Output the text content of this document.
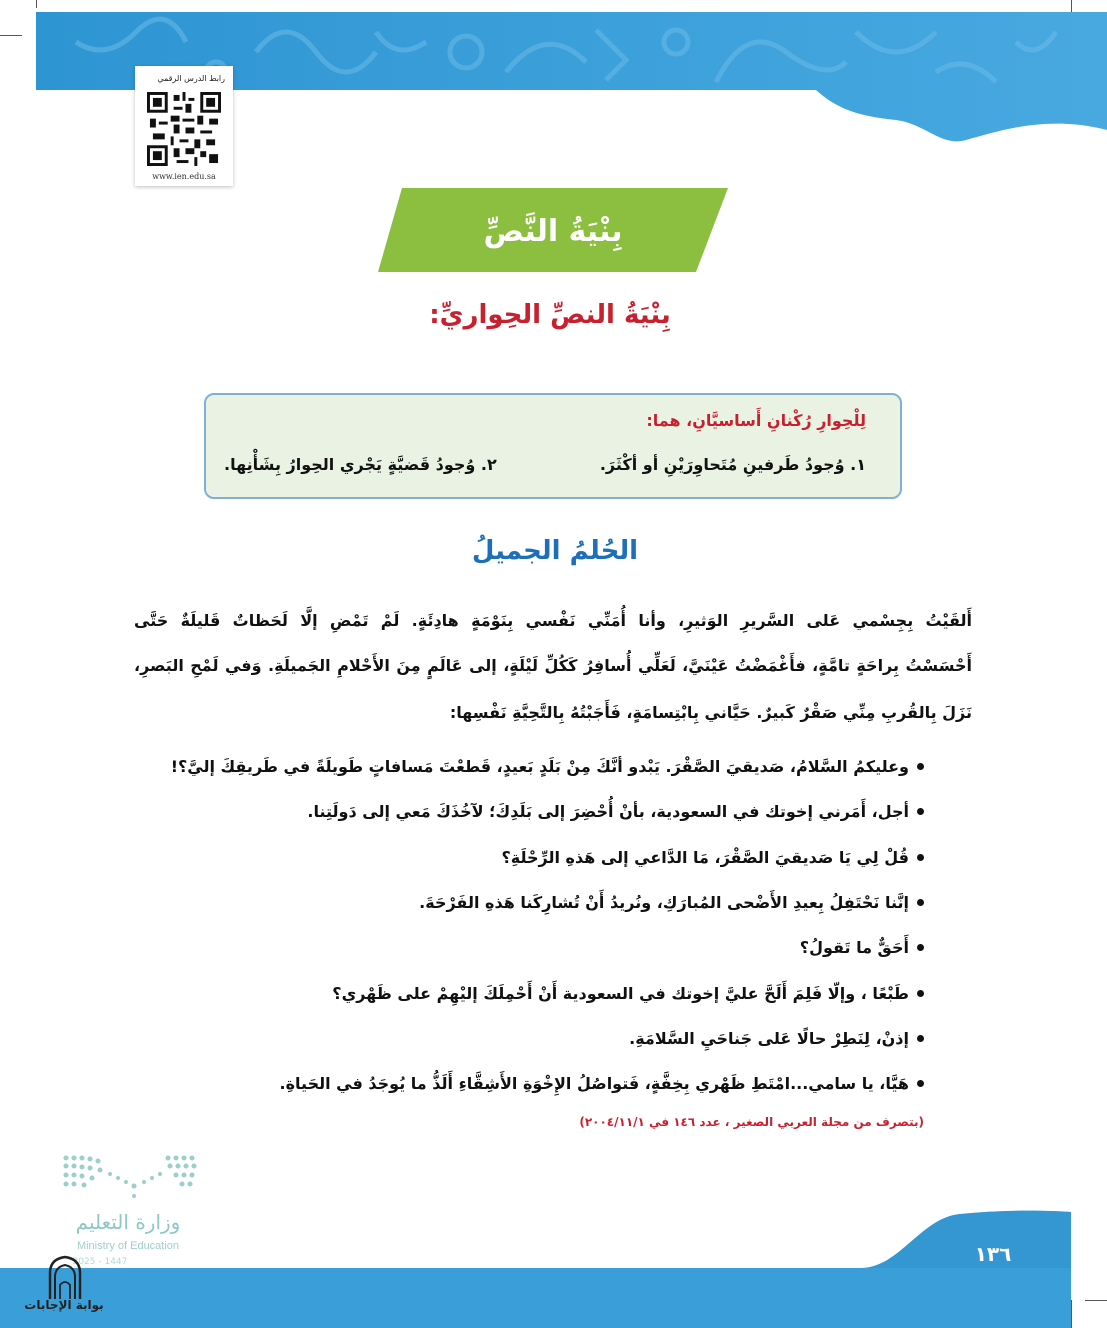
رابط الدرس الرقمي
www.ien.edu.sa
بِنْيَةُ النَّصِّ
بِنْيَةُ النصِّ الحِواريِّ:
لِلْحِوارِ رُكْنانِ أَساسيَّانِ، هما:
١. وُجودُ طَرفينِ مُتَحاوِرَيْنِ أو أكْثَرَ.
٢. وُجودُ قَضيَّةٍ يَجْري الحِوارُ بِشَأْنِها.
الحُلمُ الجميلُ
أَلقَيْتُ بِجِسْمي عَلى السَّريرِ الوَثيرِ، وأنا أُمَنِّي نَفْسي بِنَوْمَةٍ هادِئَةٍ. لَمْ تَمْضِ إلَّا لَحَظاتٌ قَليلَةٌ حَتَّى
أَحْسَسْتُ بِراحَةٍ تامَّةٍ، فأَغْمَضْتُ عَيْنَيَّ، لَعَلِّي أُسافِرُ كَكُلِّ لَيْلَةٍ، إلى عَالَمٍ مِنَ الأَحْلامِ الجَميلَةِ. وَفي لَمْحِ البَصرِ،
نَزَلَ بِالقُربِ مِنِّي صَقْرٌ كَبيرٌ. حَيَّاني بِابْتِسامَةٍ، فَأَجَبْتُهُ بِالتَّحِيَّةِ نَفْسِها:
وعليكمُ السَّلامُ، صَديقيَ الصَّقْرَ. يَبْدو أنَّكَ مِنْ بَلَدٍ بَعيدٍ، قَطعْتَ مَسافاتٍ طَويلَةً في طَريقِكَ إليَّ؟!
أجل، أَمَرني إخوتك في السعودية، بأنْ أُحْضِرَ إلى بَلَدِكَ؛ لآخُذَكَ مَعي إلى دَولَتِنا.
قُلْ لِي يَا صَديقيَ الصَّقْرَ، مَا الدَّاعي إلى هَذهِ الرِّحْلَةِ؟
إنَّنا نَحْتَفِلُ بِعيدِ الأَضْحى المُبارَكِ، ونُريدُ أَنْ تُشارِكَنا هَذهِ الفَرْحَةَ.
أَحَقٌّ ما تَقولُ؟
طَبْعًا ، وإلّا فَلِمَ أَلَحَّ عليَّ إخوتك في السعودية أَنْ أَحْمِلَكَ إليْهِمْ على ظَهْري؟
إذنْ، لِنَطِرْ حالًا عَلى جَناحَيِ السَّلامَةِ.
هَيَّا، يا سامي...امْتَطِ ظَهْري بِخِفَّةٍ، فَتواصُلُ الإِخْوَةِ الأَشِقَّاءِ أَلَذُّ ما يُوجَدُ في الحَياةِ.
(بتصرف من مجلة العربي الصغير ، عدد ١٤٦ في ٢٠٠٤/١١/١)
وزارة التعليم
Ministry of Education
2025 - 1447	١٣٦
بوابة الإجابات
